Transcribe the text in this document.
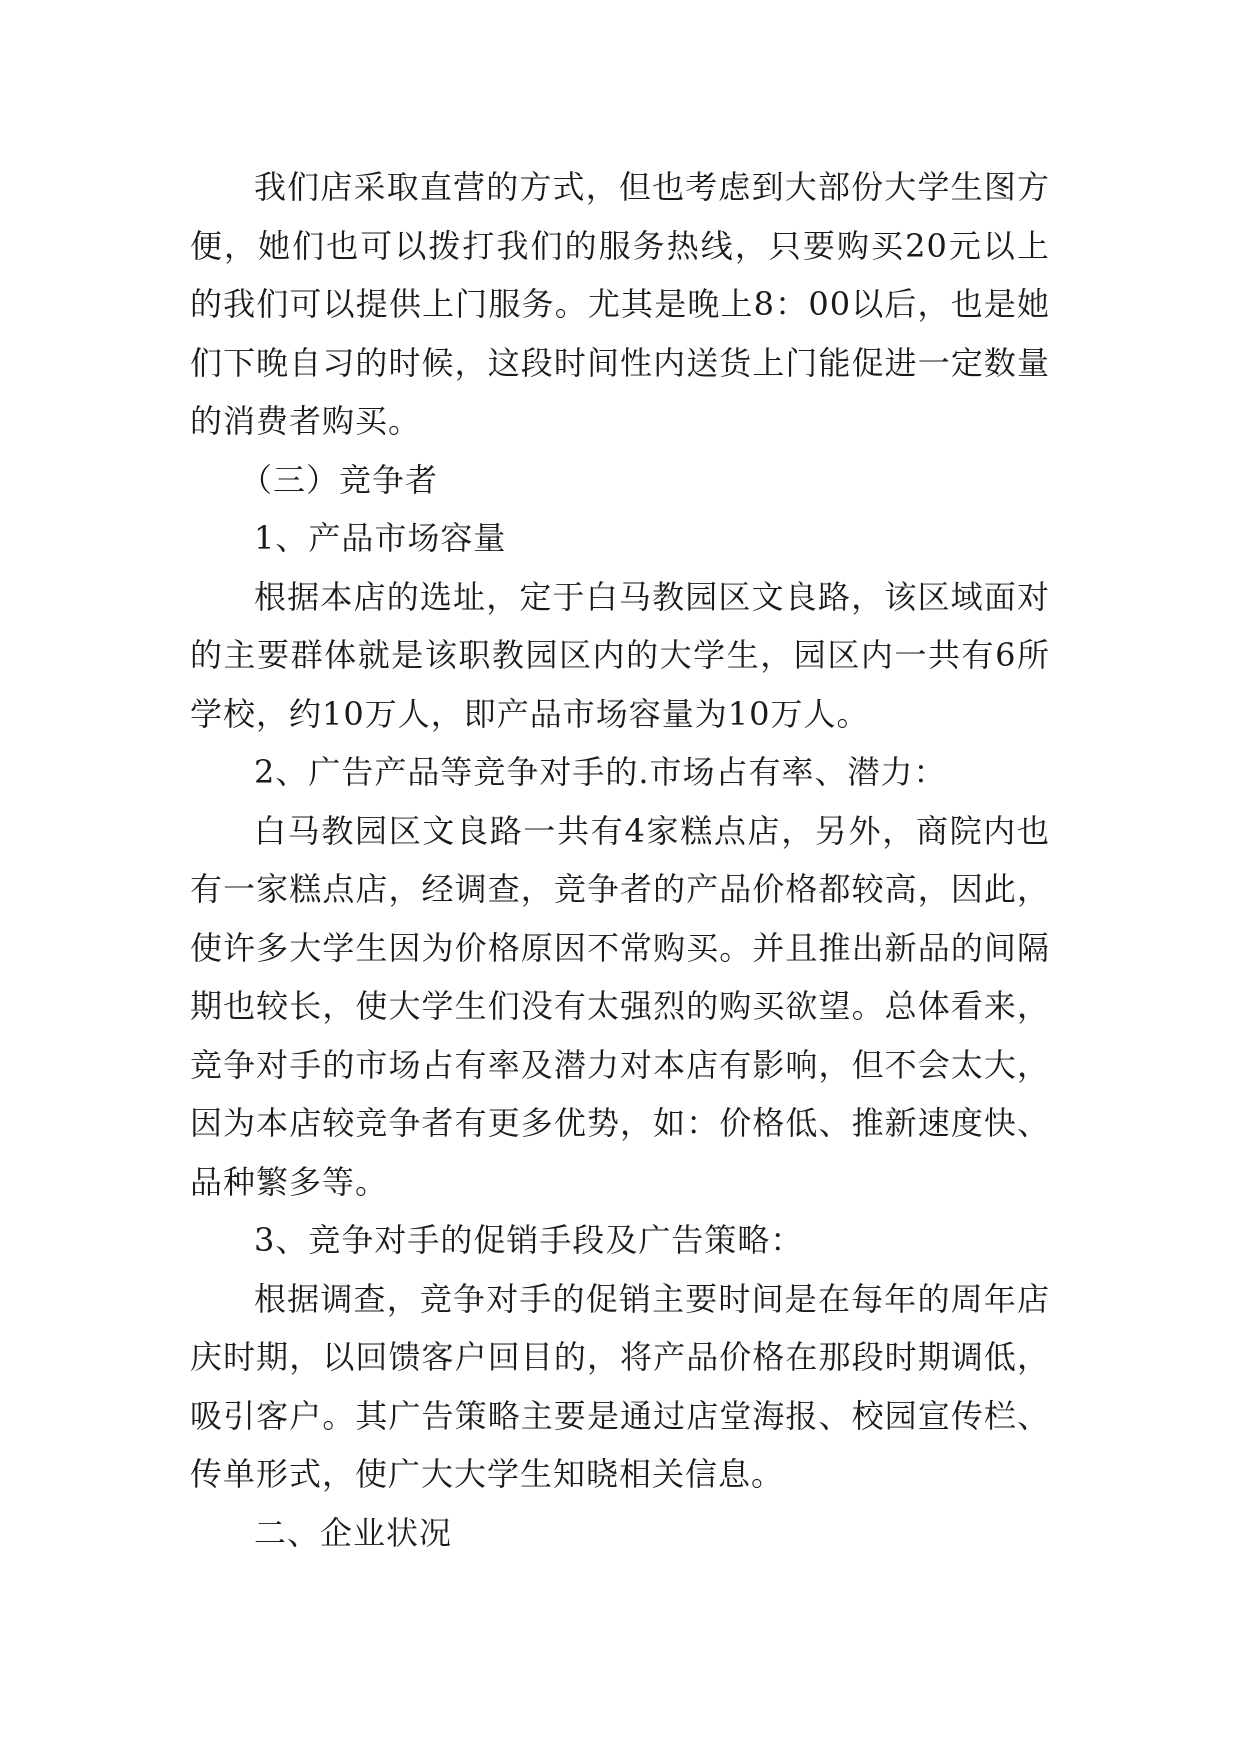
我们店采取直营的方式，但也考虑到大部份大学生图方便，她们也可以拨打我们的服务热线，只要购买20元以上的我们可以提供上门服务。尤其是晚上8：00以后，也是她们下晚自习的时候，这段时间性内送货上门能促进一定数量的消费者购买。

（三）竞争者

1、产品市场容量

根据本店的选址，定于白马教园区文良路，该区域面对的主要群体就是该职教园区内的大学生，园区内一共有6所学校，约10万人，即产品市场容量为10万人。

2、广告产品等竞争对手的.市场占有率、潜力：

白马教园区文良路一共有4家糕点店，另外，商院内也有一家糕点店，经调查，竞争者的产品价格都较高，因此，使许多大学生因为价格原因不常购买。并且推出新品的间隔期也较长，使大学生们没有太强烈的购买欲望。总体看来，竞争对手的市场占有率及潜力对本店有影响，但不会太大，因为本店较竞争者有更多优势，如：价格低、推新速度快、品种繁多等。

3、竞争对手的促销手段及广告策略：

根据调查，竞争对手的促销主要时间是在每年的周年店庆时期，以回馈客户回目的，将产品价格在那段时期调低，吸引客户。其广告策略主要是通过店堂海报、校园宣传栏、传单形式，使广大大学生知晓相关信息。

二、企业状况
